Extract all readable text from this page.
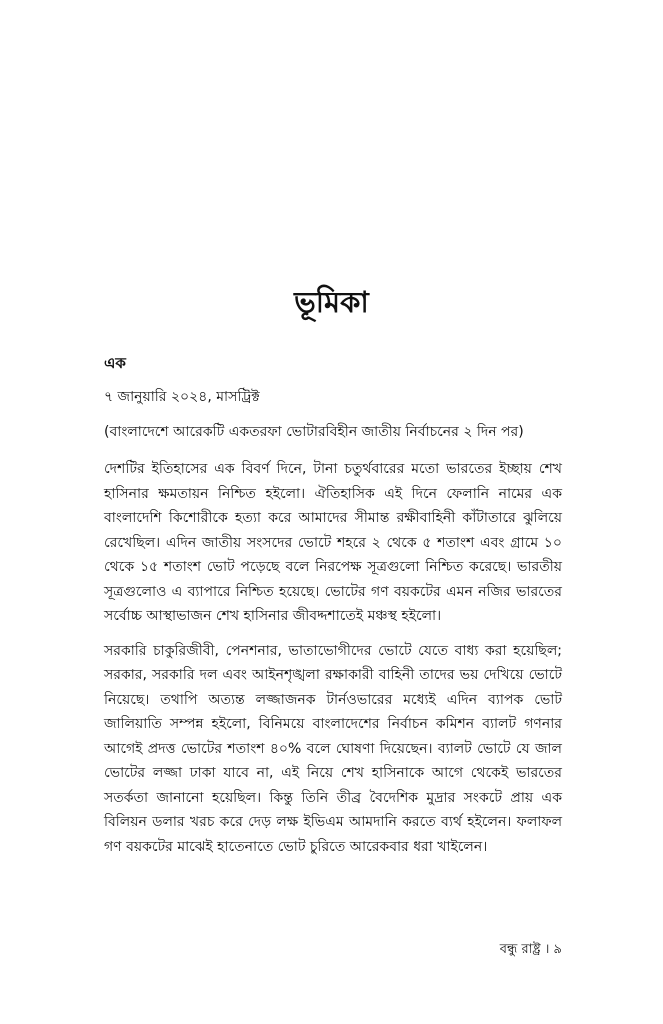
ভূমিকা

এক

৭ জানুয়ারি ২০২৪, মাসট্রিক্ট

(বাংলাদেশে আরেকটি একতরফা ভোটারবিহীন জাতীয় নির্বাচনের ২ দিন পর)

দেশটির ইতিহাসের এক বিবর্ণ দিনে, টানা চতুর্থবারের মতো ভারতের ইচ্ছায় শেখ হাসিনার ক্ষমতায়ন নিশ্চিত হইলো। ঐতিহাসিক এই দিনে ফেলানি নামের এক বাংলাদেশি কিশোরীকে হত্যা করে আমাদের সীমান্ত রক্ষীবাহিনী কাঁটাতারে ঝুলিয়ে রেখেছিল। এদিন জাতীয় সংসদের ভোটে শহরে ২ থেকে ৫ শতাংশ এবং গ্রামে ১০ থেকে ১৫ শতাংশ ভোট পড়েছে বলে নিরপেক্ষ সূত্রগুলো নিশ্চিত করেছে। ভারতীয় সূত্রগুলোও এ ব্যাপারে নিশ্চিত হয়েছে। ভোটের গণ বয়কটের এমন নজির ভারতের সর্বোচ্চ আস্থাভাজন শেখ হাসিনার জীবদ্দশাতেই মঞ্চস্থ হইলো।

সরকারি চাকুরিজীবী, পেনশনার, ভাতাভোগীদের ভোটে যেতে বাধ্য করা হয়েছিল; সরকার, সরকারি দল এবং আইনশৃঙ্খলা রক্ষাকারী বাহিনী তাদের ভয় দেখিয়ে ভোটে নিয়েছে। তথাপি অত্যন্ত লজ্জাজনক টার্নওভারের মধ্যেই এদিন ব্যাপক ভোট জালিয়াতি সম্পন্ন হইলো, বিনিময়ে বাংলাদেশের নির্বাচন কমিশন ব্যালট গণনার আগেই প্রদত্ত ভোটের শতাংশ ৪০% বলে ঘোষণা দিয়েছেন। ব্যালট ভোটে যে জাল ভোটের লজ্জা ঢাকা যাবে না, এই নিয়ে শেখ হাসিনাকে আগে থেকেই ভারতের সতর্কতা জানানো হয়েছিল। কিন্তু তিনি তীব্র বৈদেশিক মুদ্রার সংকটে প্রায় এক বিলিয়ন ডলার খরচ করে দেড় লক্ষ ইভিএম আমদানি করতে ব্যর্থ হইলেন। ফলাফল গণ বয়কটের মাঝেই হাতেনাতে ভোট চুরিতে আরেকবার ধরা খাইলেন।

বন্ধু রাষ্ট্র । ৯
